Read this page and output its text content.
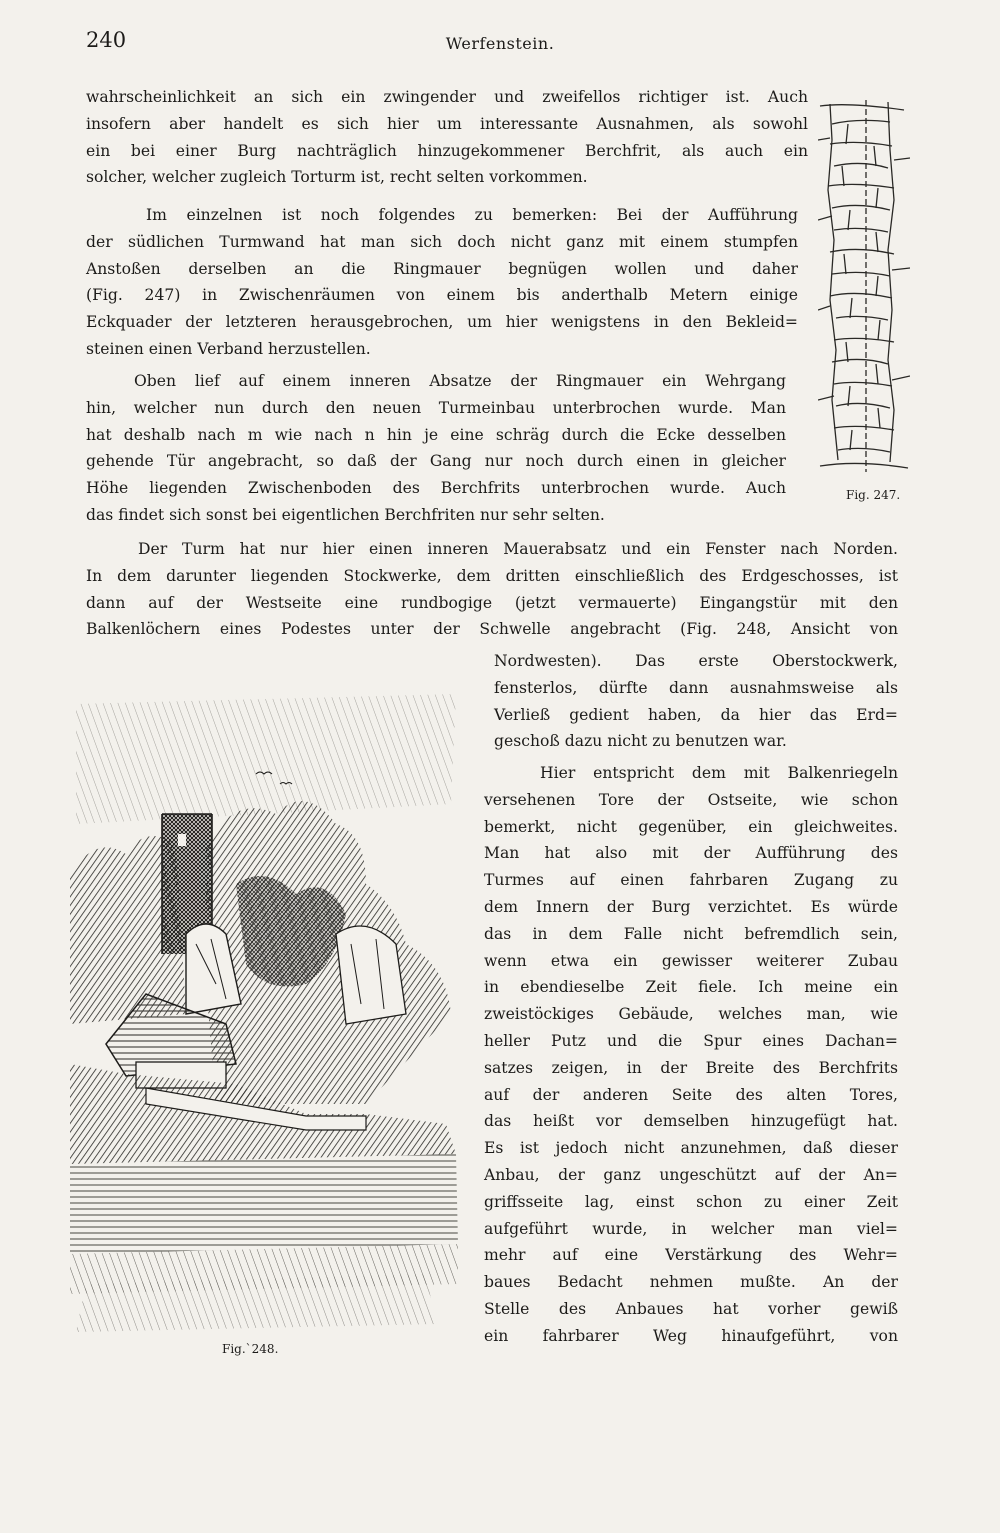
240	Werfenstein.
wahrscheinlichkeit an sich ein zwingender und zweifellos richtiger ist. Auch
insofern aber handelt es sich hier um interessante Ausnahmen, als sowohl
ein bei einer Burg nachträglich hinzugekommener Berchfrit, als auch ein
solcher, welcher zugleich Torturm ist, recht selten vorkommen.
Im einzelnen ist noch folgendes zu bemerken: Bei der Aufführung
der südlichen Turmwand hat man sich doch nicht ganz mit einem stumpfen
Anstoßen derselben an die Ringmauer begnügen wollen und daher
(Fig. 247) in Zwischenräumen von einem bis anderthalb Metern einige
Eckquader der letzteren herausgebrochen, um hier wenigstens in den Bekleid=
steinen einen Verband herzustellen.
Oben lief auf einem inneren Absatze der Ringmauer ein Wehrgang
hin, welcher nun durch den neuen Turmeinbau unterbrochen wurde. Man
hat deshalb nach m wie nach n hin je eine schräg durch die Ecke desselben
gehende Tür angebracht, so daß der Gang nur noch durch einen in gleicher
Höhe liegenden Zwischenboden des Berchfrits unterbrochen wurde. Auch
das findet sich sonst bei eigentlichen Berchfriten nur sehr selten.
Der Turm hat nur hier einen inneren Mauerabsatz und ein Fenster nach Norden.
In dem darunter liegenden Stockwerke, dem dritten einschließlich des Erdgeschosses, ist
dann auf der Westseite eine rundbogige (jetzt vermauerte) Eingangstür mit den
Balkenlöchern eines Podestes unter der Schwelle angebracht (Fig. 248, Ansicht von
Nordwesten). Das erste Oberstockwerk,
fensterlos, dürfte dann ausnahmsweise als
Verließ gedient haben, da hier das Erd=
geschoß dazu nicht zu benutzen war.
Hier entspricht dem mit Balkenriegeln
versehenen Tore der Ostseite, wie schon
bemerkt, nicht gegenüber, ein gleichweites.
Man hat also mit der Aufführung des
Turmes auf einen fahrbaren Zugang zu
dem Innern der Burg verzichtet. Es würde
das in dem Falle nicht befremdlich sein,
wenn etwa ein gewisser weiterer Zubau
in ebendieselbe Zeit fiele. Ich meine ein
zweistöckiges Gebäude, welches man, wie
heller Putz und die Spur eines Dachan=
satzes zeigen, in der Breite des Berchfrits
auf der anderen Seite des alten Tores,
das heißt vor demselben hinzugefügt hat.
Es ist jedoch nicht anzunehmen, daß dieser
Anbau, der ganz ungeschützt auf der An=
griffsseite lag, einst schon zu einer Zeit
aufgeführt wurde, in welcher man viel=
mehr auf eine Verstärkung des Wehr=
baues Bedacht nehmen mußte. An der
Stelle des Anbaues hat vorher gewiß
ein fahrbarer Weg hinaufgeführt, von
Fig. 247.
Fig.`248.
